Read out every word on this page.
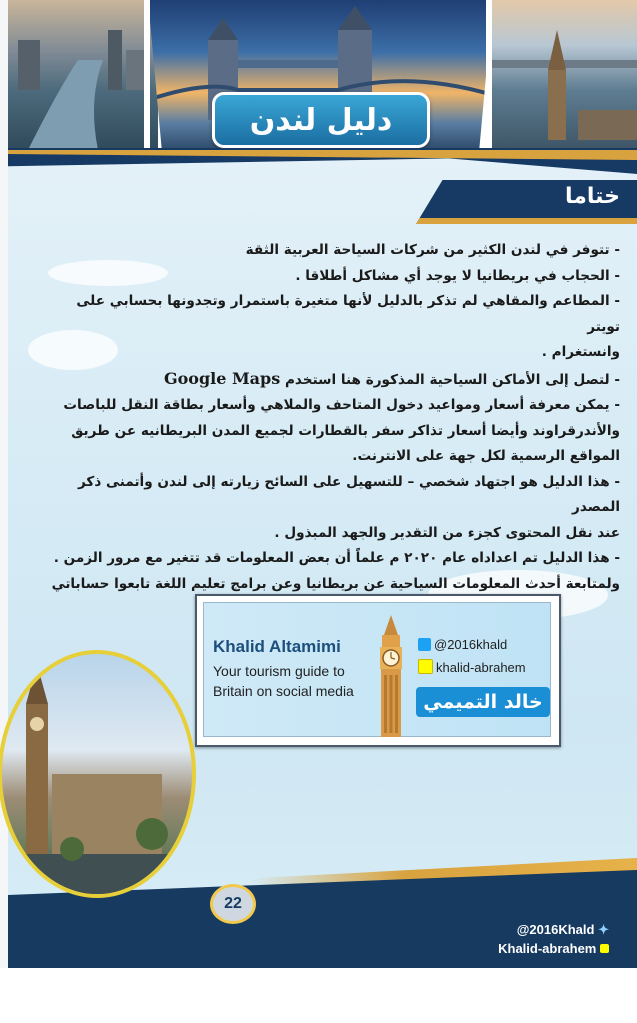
دليل لندن
ختاما

- تتوفر في لندن الكثير من شركات السياحة العربية الثقة

- الحجاب في بريطانيا لا يوجد أي مشاكل أطلاقا .

- المطاعم والمقاهي لم تذكر بالدليل لأنها متغيرة باستمرار وتجدونها بحسابي على تويتر

وانستغرام .

- لتصل إلى الأماكن السياحية المذكورة هنا استخدم Google Maps

- يمكن معرفة أسعار ومواعيد دخول المتاحف والملاهي وأسعار بطاقة النقل للباصات

والأندرقراوند وأيضا أسعار تذاكر سفر بالقطارات لجميع المدن البريطانيه عن طريق

المواقع الرسمية لكل جهة على الانترنت.

- هذا الدليل هو اجتهاد شخصي – للتسهيل على السائح زيارته إلى لندن وأتمنى ذكر المصدر

عند نقل المحتوى كجزء من التقدير والجهد المبذول .

- هذا الدليل تم اعداداه عام ٢٠٢٠ م علماً أن بعض المعلومات قد تتغير مع مرور الزمن .

ولمتابعة أحدث المعلومات السياحية عن بريطانيا وعن برامج تعليم اللغة تابعوا حساباتي

Khalid Altamimi
Your tourism guide to
Britain on social media
@2016khald
khalid-abrahem
خالد التميمي
22
@2016Khald ✦
Khalid-abrahem
